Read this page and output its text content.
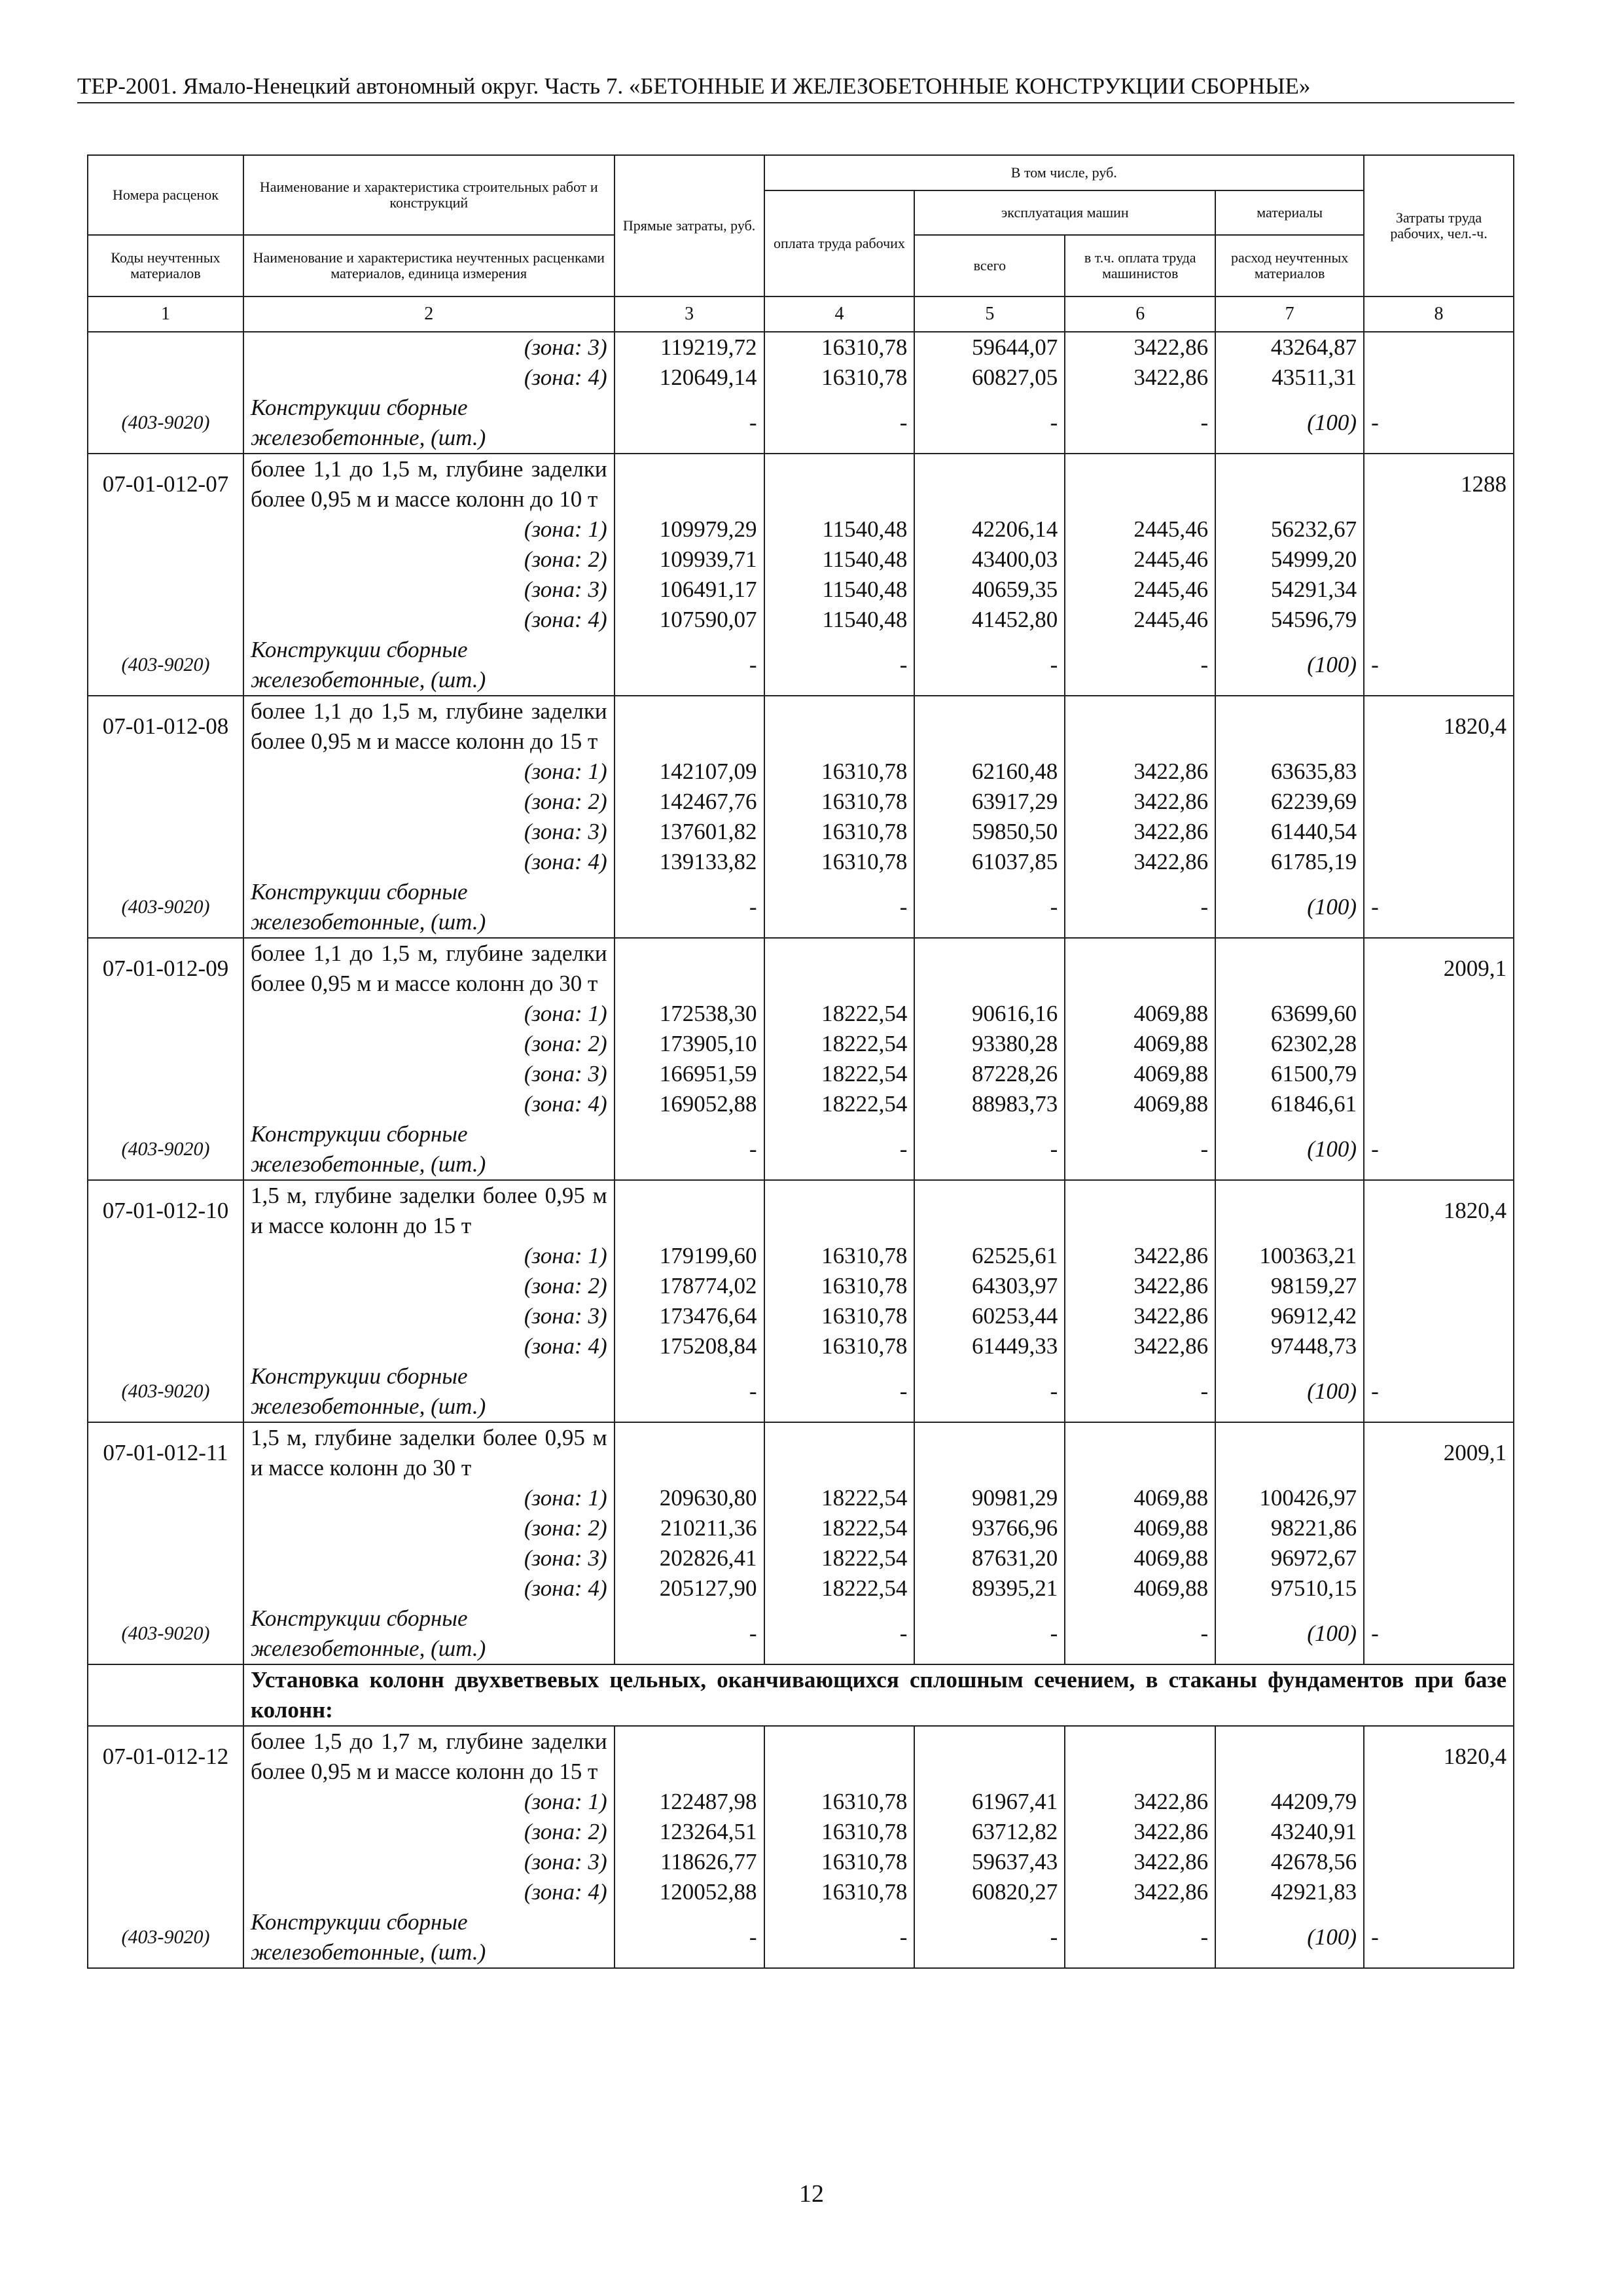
ТЕР-2001. Ямало-Ненецкий автономный округ. Часть 7. «БЕТОННЫЕ И ЖЕЛЕЗОБЕТОННЫЕ КОНСТРУКЦИИ СБОРНЫЕ»
Номера расценок	Наименование и характеристика строительных работ и конструкций	Прямые затраты, руб.	В том числе, руб.				Затраты труда рабочих, чел.-ч.
			оплата труда рабочих	эксплуатация машин		материалы	
Коды неучтенных материалов	Наименование и характеристика неучтенных расценками материалов, единица измерения			всего	в т.ч. оплата труда машинистов	расход неучтенных материалов	
1	2	3	4	5	6	7	8
	(зона: 3)	119219,72	16310,78	59644,07	3422,86	43264,87	
	(зона: 4)	120649,14	16310,78	60827,05	3422,86	43511,31	
(403-9020)	Конструкции сборные железобетонные, (шт.)	-	-	-	-	(100)	-
07-01-012-07	более 1,1 до 1,5 м, глубине заделки более 0,95 м и массе колонн до 10 т						1288
	(зона: 1)	109979,29	11540,48	42206,14	2445,46	56232,67	
	(зона: 2)	109939,71	11540,48	43400,03	2445,46	54999,20	
	(зона: 3)	106491,17	11540,48	40659,35	2445,46	54291,34	
	(зона: 4)	107590,07	11540,48	41452,80	2445,46	54596,79	
(403-9020)	Конструкции сборные железобетонные, (шт.)	-	-	-	-	(100)	-
07-01-012-08	более 1,1 до 1,5 м, глубине заделки более 0,95 м и массе колонн до 15 т						1820,4
	(зона: 1)	142107,09	16310,78	62160,48	3422,86	63635,83	
	(зона: 2)	142467,76	16310,78	63917,29	3422,86	62239,69	
	(зона: 3)	137601,82	16310,78	59850,50	3422,86	61440,54	
	(зона: 4)	139133,82	16310,78	61037,85	3422,86	61785,19	
(403-9020)	Конструкции сборные железобетонные, (шт.)	-	-	-	-	(100)	-
07-01-012-09	более 1,1 до 1,5 м, глубине заделки более 0,95 м и массе колонн до 30 т						2009,1
	(зона: 1)	172538,30	18222,54	90616,16	4069,88	63699,60	
	(зона: 2)	173905,10	18222,54	93380,28	4069,88	62302,28	
	(зона: 3)	166951,59	18222,54	87228,26	4069,88	61500,79	
	(зона: 4)	169052,88	18222,54	88983,73	4069,88	61846,61	
(403-9020)	Конструкции сборные железобетонные, (шт.)	-	-	-	-	(100)	-
07-01-012-10	1,5 м, глубине заделки более 0,95 м и массе колонн до 15 т						1820,4
	(зона: 1)	179199,60	16310,78	62525,61	3422,86	100363,21	
	(зона: 2)	178774,02	16310,78	64303,97	3422,86	98159,27	
	(зона: 3)	173476,64	16310,78	60253,44	3422,86	96912,42	
	(зона: 4)	175208,84	16310,78	61449,33	3422,86	97448,73	
(403-9020)	Конструкции сборные железобетонные, (шт.)	-	-	-	-	(100)	-
07-01-012-11	1,5 м, глубине заделки более 0,95 м и массе колонн до 30 т						2009,1
	(зона: 1)	209630,80	18222,54	90981,29	4069,88	100426,97	
	(зона: 2)	210211,36	18222,54	93766,96	4069,88	98221,86	
	(зона: 3)	202826,41	18222,54	87631,20	4069,88	96972,67	
	(зона: 4)	205127,90	18222,54	89395,21	4069,88	97510,15	
(403-9020)	Конструкции сборные железобетонные, (шт.)	-	-	-	-	(100)	-
	Установка колонн двухветвевых цельных, оканчивающихся сплошным сечением, в стаканы фундаментов при базе колонн:						
07-01-012-12	более 1,5 до 1,7 м, глубине заделки более 0,95 м и массе колонн до 15 т						1820,4
	(зона: 1)	122487,98	16310,78	61967,41	3422,86	44209,79	
	(зона: 2)	123264,51	16310,78	63712,82	3422,86	43240,91	
	(зона: 3)	118626,77	16310,78	59637,43	3422,86	42678,56	
	(зона: 4)	120052,88	16310,78	60820,27	3422,86	42921,83	
(403-9020)	Конструкции сборные железобетонные, (шт.)	-	-	-	-	(100)	-
12
